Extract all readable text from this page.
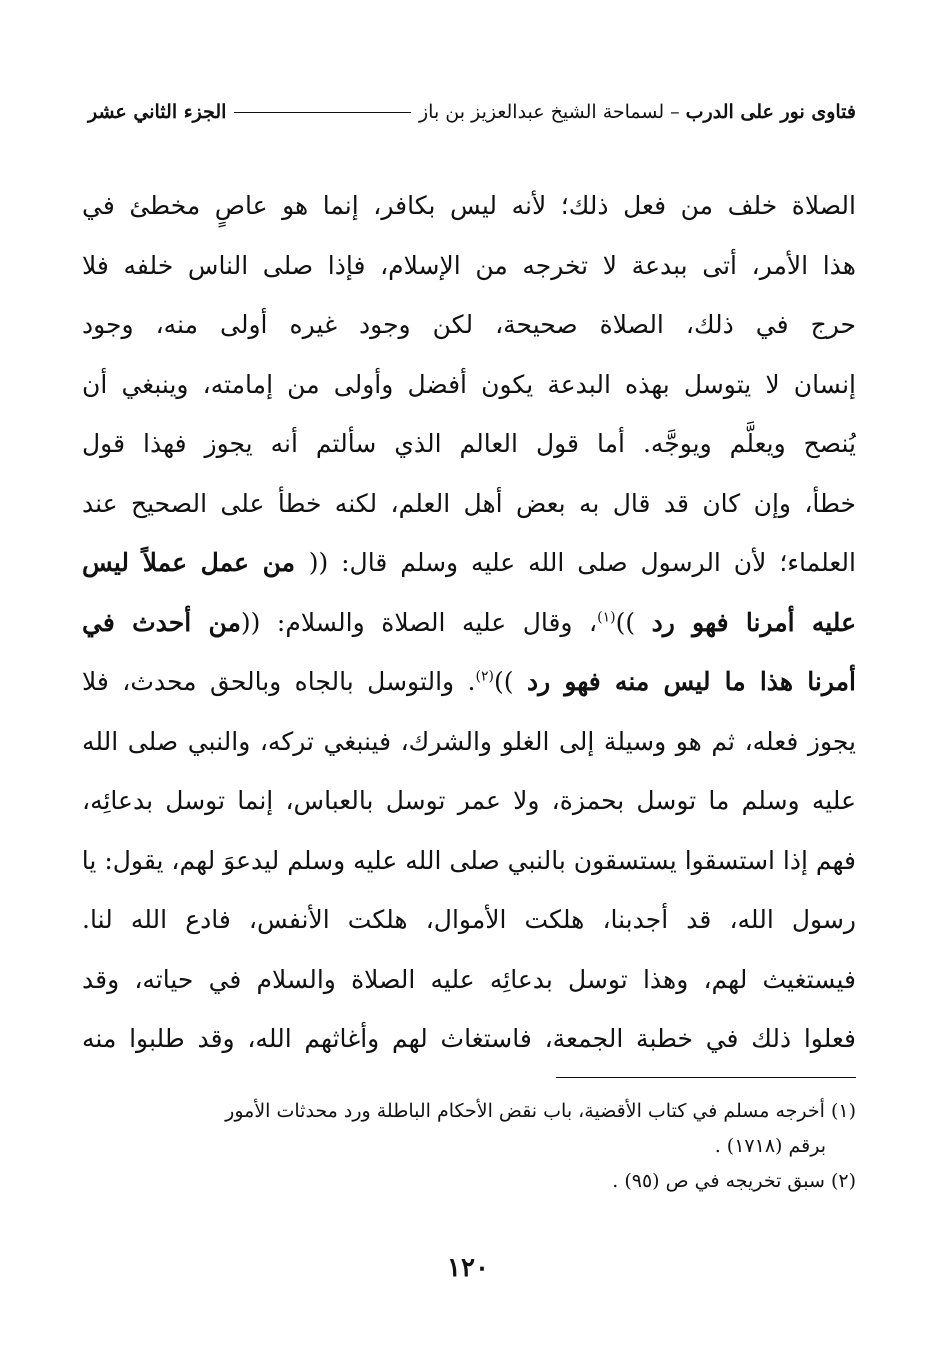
فتاوى نور على الدرب
–
لسماحة الشيخ عبدالعزيز بن باز
الجزء الثاني عشر
الصلاة خلف من فعل ذلك؛ لأنه ليس بكافر، إنما هو عاصٍ مخطئ في
هذا الأمر، أتى ببدعة لا تخرجه من الإسلام، فإذا صلى الناس خلفه فلا
حرج في ذلك، الصلاة صحيحة، لكن وجود غيره أولى منه، وجود
إنسان لا يتوسل بهذه البدعة يكون أفضل وأولى من إمامته، وينبغي أن
يُنصح ويعلَّم ويوجَّه. أما قول العالم الذي سألتم أنه يجوز فهذا قول
خطأ، وإن كان قد قال به بعض أهل العلم، لكنه خطأ على الصحيح عند
العلماء؛ لأن الرسول صلى الله عليه وسلم قال: (( من عمل عملاً ليس
عليه أمرنا فهو رد ))$^{(١)}$، وقال عليه الصلاة والسلام: ((من أحدث في
أمرنا هذا ما ليس منه فهو رد ))$^{(٢)}$. والتوسل بالجاه وبالحق محدث، فلا
يجوز فعله، ثم هو وسيلة إلى الغلو والشرك، فينبغي تركه، والنبي صلى الله
عليه وسلم ما توسل بحمزة، ولا عمر توسل بالعباس، إنما توسل بدعائِه،
فهم إذا استسقوا يستسقون بالنبي صلى الله عليه وسلم ليدعوَ لهم، يقول: يا
رسول الله، قد أجدبنا، هلكت الأموال، هلكت الأنفس، فادع الله لنا.
فيستغيث لهم، وهذا توسل بدعائِه عليه الصلاة والسلام في حياته، وقد
فعلوا ذلك في خطبة الجمعة، فاستغاث لهم وأغاثهم الله، وقد طلبوا منه
(١) أخرجه مسلم في كتاب الأقضية، باب نقض الأحكام الباطلة ورد محدثات الأمور
برقم (١٧١٨) .
(٢) سبق تخريجه في ص (٩٥) .
١٢٠
